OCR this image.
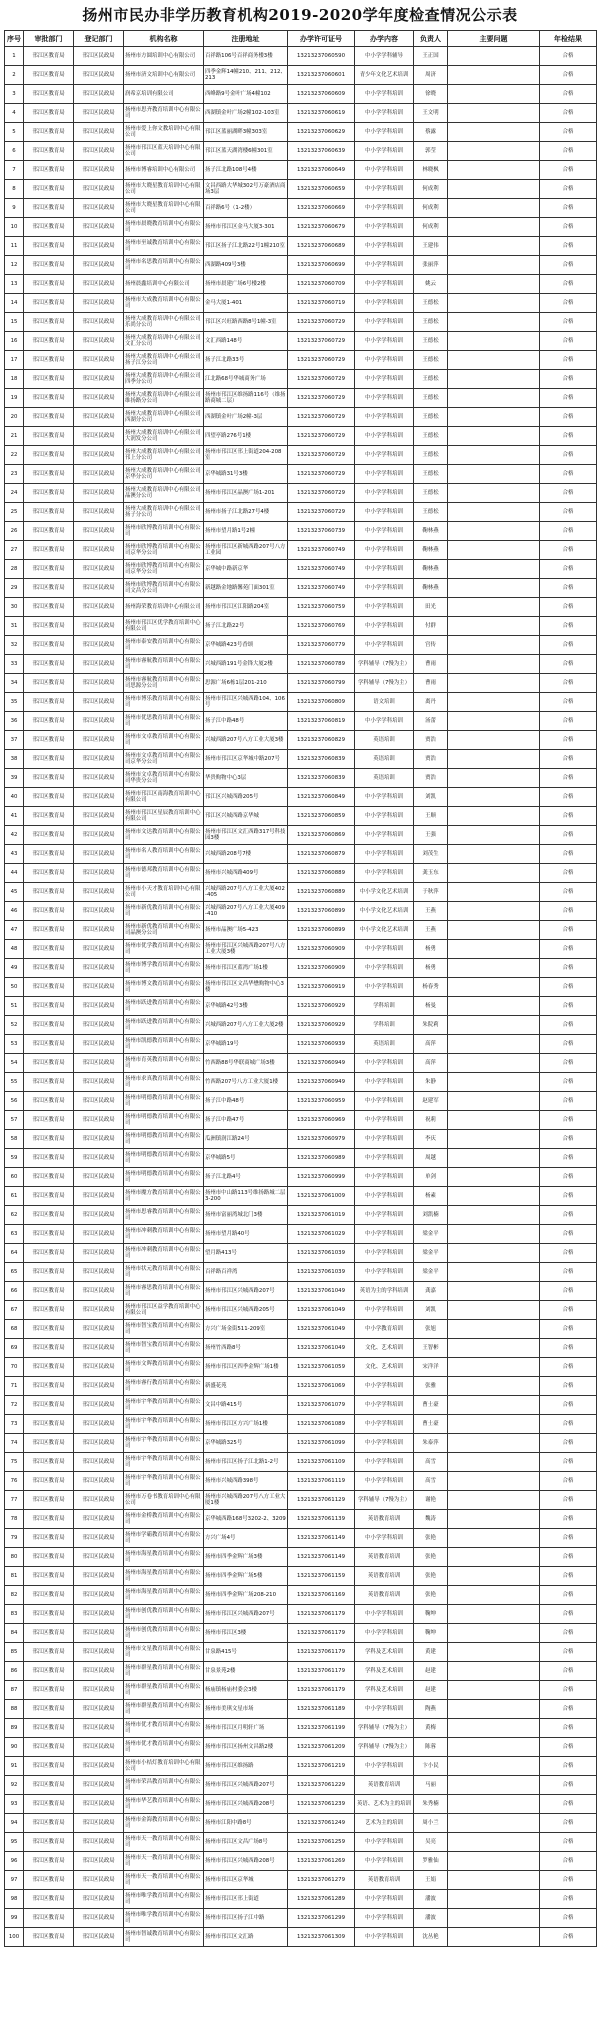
扬州市民办非学历教育机构2019-2020学年度检查情况公示表
序号	审批部门	登记部门	机构名称	注册地址	办学许可证号	办学内容	负责人	主要问题	年检结果
1	邗江区教育局	邗江区民政局	扬州市方圆培训中心有限公司	百祥路106号百祥商务楼3楼	13213237060590	中小学学科辅导	王正国		合格
2	邗江区教育局	邗江区民政局	扬州市济文培训中心有限公司	四季金辉14幢210、211、212、213	13213237060601	青少年文化艺术培训	周济		合格
3	邗江区教育局	邗江区民政局	润希京培训有限公司	西峰路9号金叶广场4幢102	13213237060609	中小学学科培训	徐晓		合格
4	邗江区教育局	邗江区民政局	扬州市思齐教育培训中心有限公司	西湖镇金叶广场2幢102-103室	13213237060619	中小学学科培训	王文明		合格
5	邗江区教育局	邗江区民政局	扬州市爱上你文教培训中心有限公司	邗江区蓝丽湖畔3幢303室	13213237060629	中小学学科培训	蔡露		合格
6	邗江区教育局	邗江区民政局	扬州市邗江区蓝天培训中心有限公司	邗江区蓝天湖湾楼6幢301室	13213237060639	中小学学科培训	郭莹		合格
7	邗江区教育局	邗江区民政局	扬州市博睿培训中心有限公司	扬子江北路108号4楼	13213237060649	中小学学科培训	林晓枫		合格
8	邗江区教育局	邗江区民政局	扬州市大晓星教育培训中心有限公司	文昌西路大华城302号万豪酒店商场3层	13213237060659	中小学学科培训	何成利		合格
9	邗江区教育局	邗江区民政局	扬州市大晓星教育培训中心有限公司	百祥路6号（1-2楼）	13213237060669	中小学学科培训	何成利		合格
10	邗江区教育局	邗江区民政局	扬州市晨晓教育培训中心有限公司	扬州市邗江区金马大厦3-301	13213237060679	中小学学科培训	何成利		合格
11	邗江区教育局	邗江区民政局	扬州市至诚教育培训中心有限公司	邗江区扬子江北路22号1幢210室	13213237060689	中小学学科培训	王建伟		合格
12	邗江区教育局	邗江区民政局	扬州市名思教育培训中心有限公司	西湖路409号3楼	13213237060699	中小学学科培训	张丽萍		合格
13	邗江区教育局	邗江区民政局	扬州晨鑫培训中心有限公司	扬州市晨建广场6号楼2楼	13213237060709	中小学学科培训	姚云		合格
14	邗江区教育局	邗江区民政局	扬州市大成教育培训中心有限公司	金马大厦1-401	13213237060719	中小学学科培训	王德松		合格
15	邗江区教育局	邗江区民政局	扬州大成教育培训中心有限公司乐尚分公司	邗江区兴旺路西路8号1幢-3室	13213237060729	中小学学科培训	王德松		合格
16	邗江区教育局	邗江区民政局	扬州大成教育培训中心有限公司文汇分公司	文汇西路148号	13213237060729	中小学学科培训	王德松		合格
17	邗江区教育局	邗江区民政局	扬州大成教育培训中心有限公司扬子江分公司	扬子江北路33号	13213237060729	中小学学科培训	王德松		合格
18	邗江区教育局	邗江区民政局	扬州大成教育培训中心有限公司四季分公司	江北路68号华城商务广场	13213237060729	中小学学科培训	王德松		合格
19	邗江区教育局	邗江区民政局	扬州大成教育培训中心有限公司维扬路分公司	扬州市邗江区维扬路116号（维扬路商城二层）	13213237060729	中小学学科培训	王德松		合格
20	邗江区教育局	邗江区民政局	扬州大成教育培训中心有限公司西湖分公司	西湖镇金叶广场2幢-3层	13213237060729	中小学学科培训	王德松		合格
21	邗江区教育局	邗江区民政局	扬州大成教育培训中心有限公司大润发分公司	四望亭路276号1楼	13213237060729	中小学学科培训	王德松		合格
22	邗江区教育局	邗江区民政局	扬州大成教育培训中心有限公司邗上分公司	扬州市邗江区邗上街道204-208室	13213237060729	中小学学科培训	王德松		合格
23	邗江区教育局	邗江区民政局	扬州大成教育培训中心有限公司京华分公司	京华城路31号3楼	13213237060729	中小学学科培训	王德松		合格
24	邗江区教育局	邗江区民政局	扬州大成教育培训中心有限公司晶澳分公司	扬州市邗江区晶澳广场1-201	13213237060729	中小学学科培训	王德松		合格
25	邗江区教育局	邗江区民政局	扬州大成教育培训中心有限公司扬子分公司	扬州市扬子江北路27号4楼	13213237060729	中小学学科培训	王德松		合格
26	邗江区教育局	邗江区民政局	扬州市欣博教育培训中心有限公司	扬州市望月路1号2幢	13213237060739	中小学学科培训	鞠林燕		合格
27	邗江区教育局	邗江区民政局	扬州市欣博教育培训中心有限公司京华分公司	扬州市邗江区新城西路207号八方工业园	13213237060749	中小学学科培训	鞠林燕		合格
28	邗江区教育局	邗江区民政局	扬州市欣博教育培训中心有限公司京华分公司	京华城中路新京华	13213237060749	中小学学科培训	鞠林燕		合格
29	邗江区教育局	邗江区民政局	扬州市欣博教育培训中心有限公司文昌分公司	新越路金地路馨苑门面301室	13213237060749	中小学学科培训	鞠林燕		合格
30	邗江区教育局	邗江区民政局	扬州海荣教育培训中心有限公司	扬州市邗江区江阳路204室	13213237060759	中小学学科培训	田光		合格
31	邗江区教育局	邗江区民政局	扬州市邗江区优学教育培训中心有限公司	扬子江北路22号	13213237060769	中小学学科培训	付群		合格
32	邗江区教育局	邗江区民政局	扬州市泰安教育培训中心有限公司	京华城路423号香颂	13213237060779	中小学学科培训	宫传		合格
33	邗江区教育局	邗江区民政局	扬州市睿航教育培训中心有限公司	兴城西路191号金锋大厦2楼	13213237060789	学科辅导（7慢为主）	曹雨		合格
34	邗江区教育局	邗江区民政局	扬州市睿航教育培训中心有限公司思源分公司	思源广场6栋1层201-210	13213237060799	学科辅导（7慢为主）	曹雨		合格
35	邗江区教育局	邗江区民政局	扬州市博乐教育培训中心有限公司	扬州市邗江区兴城西路104、106号	13213237060809	语文培训	离丹		合格
36	邗江区教育局	邗江区民政局	扬州市优思教育培训中心有限公司	扬子江中路48号	13213237060819	中小学学科培训	汤蕾		合格
37	邗江区教育局	邗江区民政局	扬州市文卓教育培训中心有限公司	兴城西路207号八方工业大厦3楼	13213237060829	英语培训	贾浩		合格
38	邗江区教育局	邗江区民政局	扬州市文卓教育培训中心有限公司京华分公司	扬州市邗江区京华城中路207号	13213237060839	英语培训	贾浩		合格
39	邗江区教育局	邗江区民政局	扬州市文卓教育培训中心有限公司华贵分公司	华贵购物中心3层	13213237060839	英语培训	贾浩		合格
40	邗江区教育局	邗江区民政局	扬州市邗江区南海教育培训中心有限公司	邗江区兴城西路205号	13213237060849	中小学学科培训	刘凯		合格
41	邗江区教育局	邗江区民政局	扬州市邗江区星辰教育培训中心有限公司	邗江区兴城西路京华城	13213237060859	中小学学科培训	王顺		合格
42	邗江区教育局	邗江区民政局	扬州市文达教育培训中心有限公司	扬州市邗江区文汇西路317号科技园3楼	13213237060869	中小学学科培训	王强		合格
43	邗江区教育局	邗江区民政局	扬州市名人教育培训中心有限公司	兴城西路208号7楼	13213237060879	中小学学科培训	刘茂生		合格
44	邗江区教育局	邗江区民政局	扬州市德邦教育培训中心有限公司	扬州市兴城西路409号	13213237060889	中小学学科培训	龚玉东		合格
45	邗江区教育局	邗江区民政局	扬州市小天才教育培训中心有限公司	兴城西路207号八方工业大厦402-405	13213237060889	中小学文化艺术培训	于秋萍		合格
46	邗江区教育局	邗江区民政局	扬州市新优教育培训中心有限公司	兴城西路207号八方工业大厦409-410	13213237060899	中小学文化艺术培训	王燕		合格
47	邗江区教育局	邗江区民政局	扬州市新优教育培训中心有限公司晶澳分公司	扬州市晶澳广场5-423	13213237060899	中小学文化艺术培训	王燕		合格
48	邗江区教育局	邗江区民政局	扬州市优学教育培训中心有限公司	扬州市邗江区兴城西路207号八方工业大厦3楼	13213237060909	中小学学科培训	杨勇		合格
49	邗江区教育局	邗江区民政局	扬州市博学教育培训中心有限公司	扬州市邗江区蓝湾广场1楼	13213237060909	中小学学科培训	杨勇		合格
50	邗江区教育局	邗江区民政局	扬州市博文教育培训中心有限公司	扬州市邗江区文昌华懋购物中心3楼	13213237060919	中小学学科培训	杨春秀		合格
51	邗江区教育局	邗江区民政局	扬州市跃进教育培训中心有限公司	京华城路42号3楼	13213237060929	学科培训	杨曼		合格
52	邗江区教育局	邗江区民政局	扬州市跃进教育培训中心有限公司	兴城西路207号八方工业大厦2楼	13213237060929	学科培训	朱院莉		合格
53	邗江区教育局	邗江区民政局	扬州市凯德教育培训中心有限公司	京华城路19号	13213237060939	英语培训	高萍		合格
54	邗江区教育局	邗江区民政局	扬州市育英教育培训中心有限公司	竹西路88号华联商城广场3楼	13213237060949	中小学学科培训	高萍		合格
55	邗江区教育局	邗江区民政局	扬州市求真教育培训中心有限公司	竹西路207号八方工业大厦1楼	13213237060949	中小学学科培训	朱静		合格
56	邗江区教育局	邗江区民政局	扬州市明德教育培训中心有限公司	扬子江中路48号	13213237060959	中小学学科培训	赵建军		合格
57	邗江区教育局	邗江区民政局	扬州市明德教育培训中心有限公司	扬子江中路47号	13213237060969	中小学学科培训	祝莉		合格
58	邗江区教育局	邗江区民政局	扬州市明德教育培训中心有限公司	瓜洲镇润江路24号	13213237060979	中小学学科培训	李庆		合格
59	邗江区教育局	邗江区民政局	扬州市明德教育培训中心有限公司	京华城路5号	13213237060989	中小学学科培训	周越		合格
60	邗江区教育局	邗江区民政局	扬州市明德教育培训中心有限公司	扬子江北路4号	13213237060999	中小学学科培训	单剑		合格
61	邗江区教育局	邗江区民政局	扬州市魔方教育培训中心有限公司	扬州市中山路113号维扬路城二层3-200	13213237061009	中小学学科培训	杨素		合格
62	邗江区教育局	邗江区民政局	扬州市思睿教育培训中心有限公司	扬州市富丽湾城北门3楼	13213237061019	中小学学科培训	刘凯楠		合格
63	邗江区教育局	邗江区民政局	扬州市冲刺教育培训中心有限公司	扬州市望月路40号	13213237061029	中小学学科培训	梁金平		合格
64	邗江区教育局	邗江区民政局	扬州市冲刺教育培训中心有限公司	望月路413号	13213237061039	中小学学科培训	梁金平		合格
65	邗江区教育局	邗江区民政局	扬州市状元教育培训中心有限公司	百祥路百祥湾	13213237061039	中小学学科培训	梁金平		合格
66	邗江区教育局	邗江区民政局	扬州市睿思教育培训中心有限公司	扬州市邗江区兴城西路207号	13213237061049	英语为主的学科培训	龚嘉		合格
67	邗江区教育局	邗江区民政局	扬州市邗江区益学教育培训中心有限公司	扬州市邗江区兴城西路205号	13213237061049	中小学学科培训	刘凯		合格
68	邗江区教育局	邗江区民政局	扬州市智宝教育培训中心有限公司	方兴广场金街511-209室	13213237061049	中小学教育培训	张旭		合格
69	邗江区教育局	邗江区民政局	扬州市智宝教育培训中心有限公司	扬州竹西路8号	13213237061049	文化、艺术培训	王智彬		合格
70	邗江区教育局	邗江区民政局	扬州市文晖教育培训中心有限公司	扬州市邗江区四季金辉广场1楼	13213237061059	文化、艺术培训	宋洋洋		合格
71	邗江区教育局	邗江区民政局	扬州市睿行教育培训中心有限公司	新盛花苑	13213237061069	中小学学科培训	张雅		合格
72	邗江区教育局	邗江区民政局	扬州市宇华教育培训中心有限公司	文昌中路415号	13213237061079	中小学学科培训	曹士豪		合格
73	邗江区教育局	邗江区民政局	扬州市宇华教育培训中心有限公司	扬州市邗江区方兴广场1楼	13213237061089	中小学学科培训	曹士豪		合格
74	邗江区教育局	邗江区民政局	扬州市宇华教育培训中心有限公司	京华城路325号	13213237061099	中小学学科培训	朱泰萍		合格
75	邗江区教育局	邗江区民政局	扬州市宇华教育培训中心有限公司	扬州市邗江区扬子江北路1-2号	13213237061109	中小学学科培训	高雪		合格
76	邗江区教育局	邗江区民政局	扬州市宇华教育培训中心有限公司	扬州市兴城西路398号	13213237061119	中小学学科培训	高雪		合格
77	邗江区教育局	邗江区民政局	扬州市万卷书教育培训中心有限公司	扬州市兴城西路207号八方工业大厦1楼	13213237061129	学科辅导（7慢为主）	谢艳		合格
78	邗江区教育局	邗江区民政局	扬州市金桥教育培训中心有限公司	京华城西路168号3202-2、3209	13213237061139	英语教育培训	魏涛		合格
79	邗江区教育局	邗江区民政局	扬州市学霸教育培训中心有限公司	方兴广场4号	13213237061149	中小学学科培训	张艳		合格
80	邗江区教育局	邗江区民政局	扬州市海星教育培训中心有限公司	扬州市四季金辉广场3楼	13213237061149	英语教育培训	张艳		合格
81	邗江区教育局	邗江区民政局	扬州市海星教育培训中心有限公司	扬州市四季金辉广场5楼	13213237061159	英语教育培训	张艳		合格
82	邗江区教育局	邗江区民政局	扬州市海星教育培训中心有限公司	扬州市四季金辉广场208-210	13213237061169	英语教育培训	张艳		合格
83	邗江区教育局	邗江区民政局	扬州市创优教育培训中心有限公司	扬州市邗江区兴城西路207号	13213237061179	中小学学科培训	鞠坤		合格
84	邗江区教育局	邗江区民政局	扬州市创优教育培训中心有限公司	扬州市邗江区3楼	13213237061179	中小学学科培训	鞠坤		合格
85	邗江区教育局	邗江区民政局	扬州市文星教育培训中心有限公司	甘泉路415号	13213237061179	学科及艺术培训	黄建		合格
86	邗江区教育局	邗江区民政局	扬州市群星教育培训中心有限公司	甘泉景苑2楼	13213237061179	学科及艺术培训	赵建		合格
87	邗江区教育局	邗江区民政局	扬州市群星教育培训中心有限公司	杨庙镇杨庙村委会3楼	13213237061179	学科及艺术培训	赵建		合格
88	邗江区教育局	邗江区民政局	扬州市群星教育培训中心有限公司	扬州市美琪文星市场	13213237061189	中小学学科培训	陶燕		合格
89	邗江区教育局	邗江区民政局	扬州市优才教育培训中心有限公司	扬州市邗江区月明轩广场	13213237061199	学科辅导（7慢为主）	黄梅		合格
90	邗江区教育局	邗江区民政局	扬州市优才教育培训中心有限公司	扬州市邗江区扬州文昌路2楼	13213237061209	学科辅导（7慢为主）	陈蓉		合格
91	邗江区教育局	邗江区民政局	扬州市小桔灯教育培训中心有限公司	扬州市邗江区维扬路	13213237061219	中小学学科培训	卞小民		合格
92	邗江区教育局	邗江区民政局	扬州市荣昌教育培训中心有限公司	扬州市邗江区兴城西路207号	13213237061229	英语教育培训	马丽		合格
93	邗江区教育局	邗江区民政局	扬州市华艺教育培训中心有限公司	扬州市邗江区兴城西路208号	13213237061239	英语、艺术为主的培训	朱秀楠		合格
94	邗江区教育局	邗江区民政局	扬州市金海教育培训中心有限公司	扬州市江阳中路8号	13213237061249	艺术为主的培训	周小兰		合格
95	邗江区教育局	邗江区民政局	扬州市天一教育培训中心有限公司	扬州市邗江区文昌广场8号	13213237061259	中小学学科培训	吴亮		合格
96	邗江区教育局	邗江区民政局	扬州市天一教育培训中心有限公司	扬州市邗江区兴城西路208号	13213237061269	中小学学科培训	罗雅仙		合格
97	邗江区教育局	邗江区民政局	扬州市天一教育培训中心有限公司	扬州市邗江区京华城	13213237061279	英语教育培训	王娟		合格
98	邗江区教育局	邗江区民政局	扬州市唯学教育培训中心有限公司	扬州市邗江区邗上街道	13213237061289	中小学学科培训	潘波		合格
99	邗江区教育局	邗江区民政局	扬州市唯学教育培训中心有限公司	扬州市邗江区扬子江中路	13213237061299	中小学学科培训	潘波		合格
100	邗江区教育局	邗江区民政局	扬州市智诚教育培训中心有限公司	扬州市邗江区文汇路	13213237061309	中小学学科培训	沈丛艳		合格
